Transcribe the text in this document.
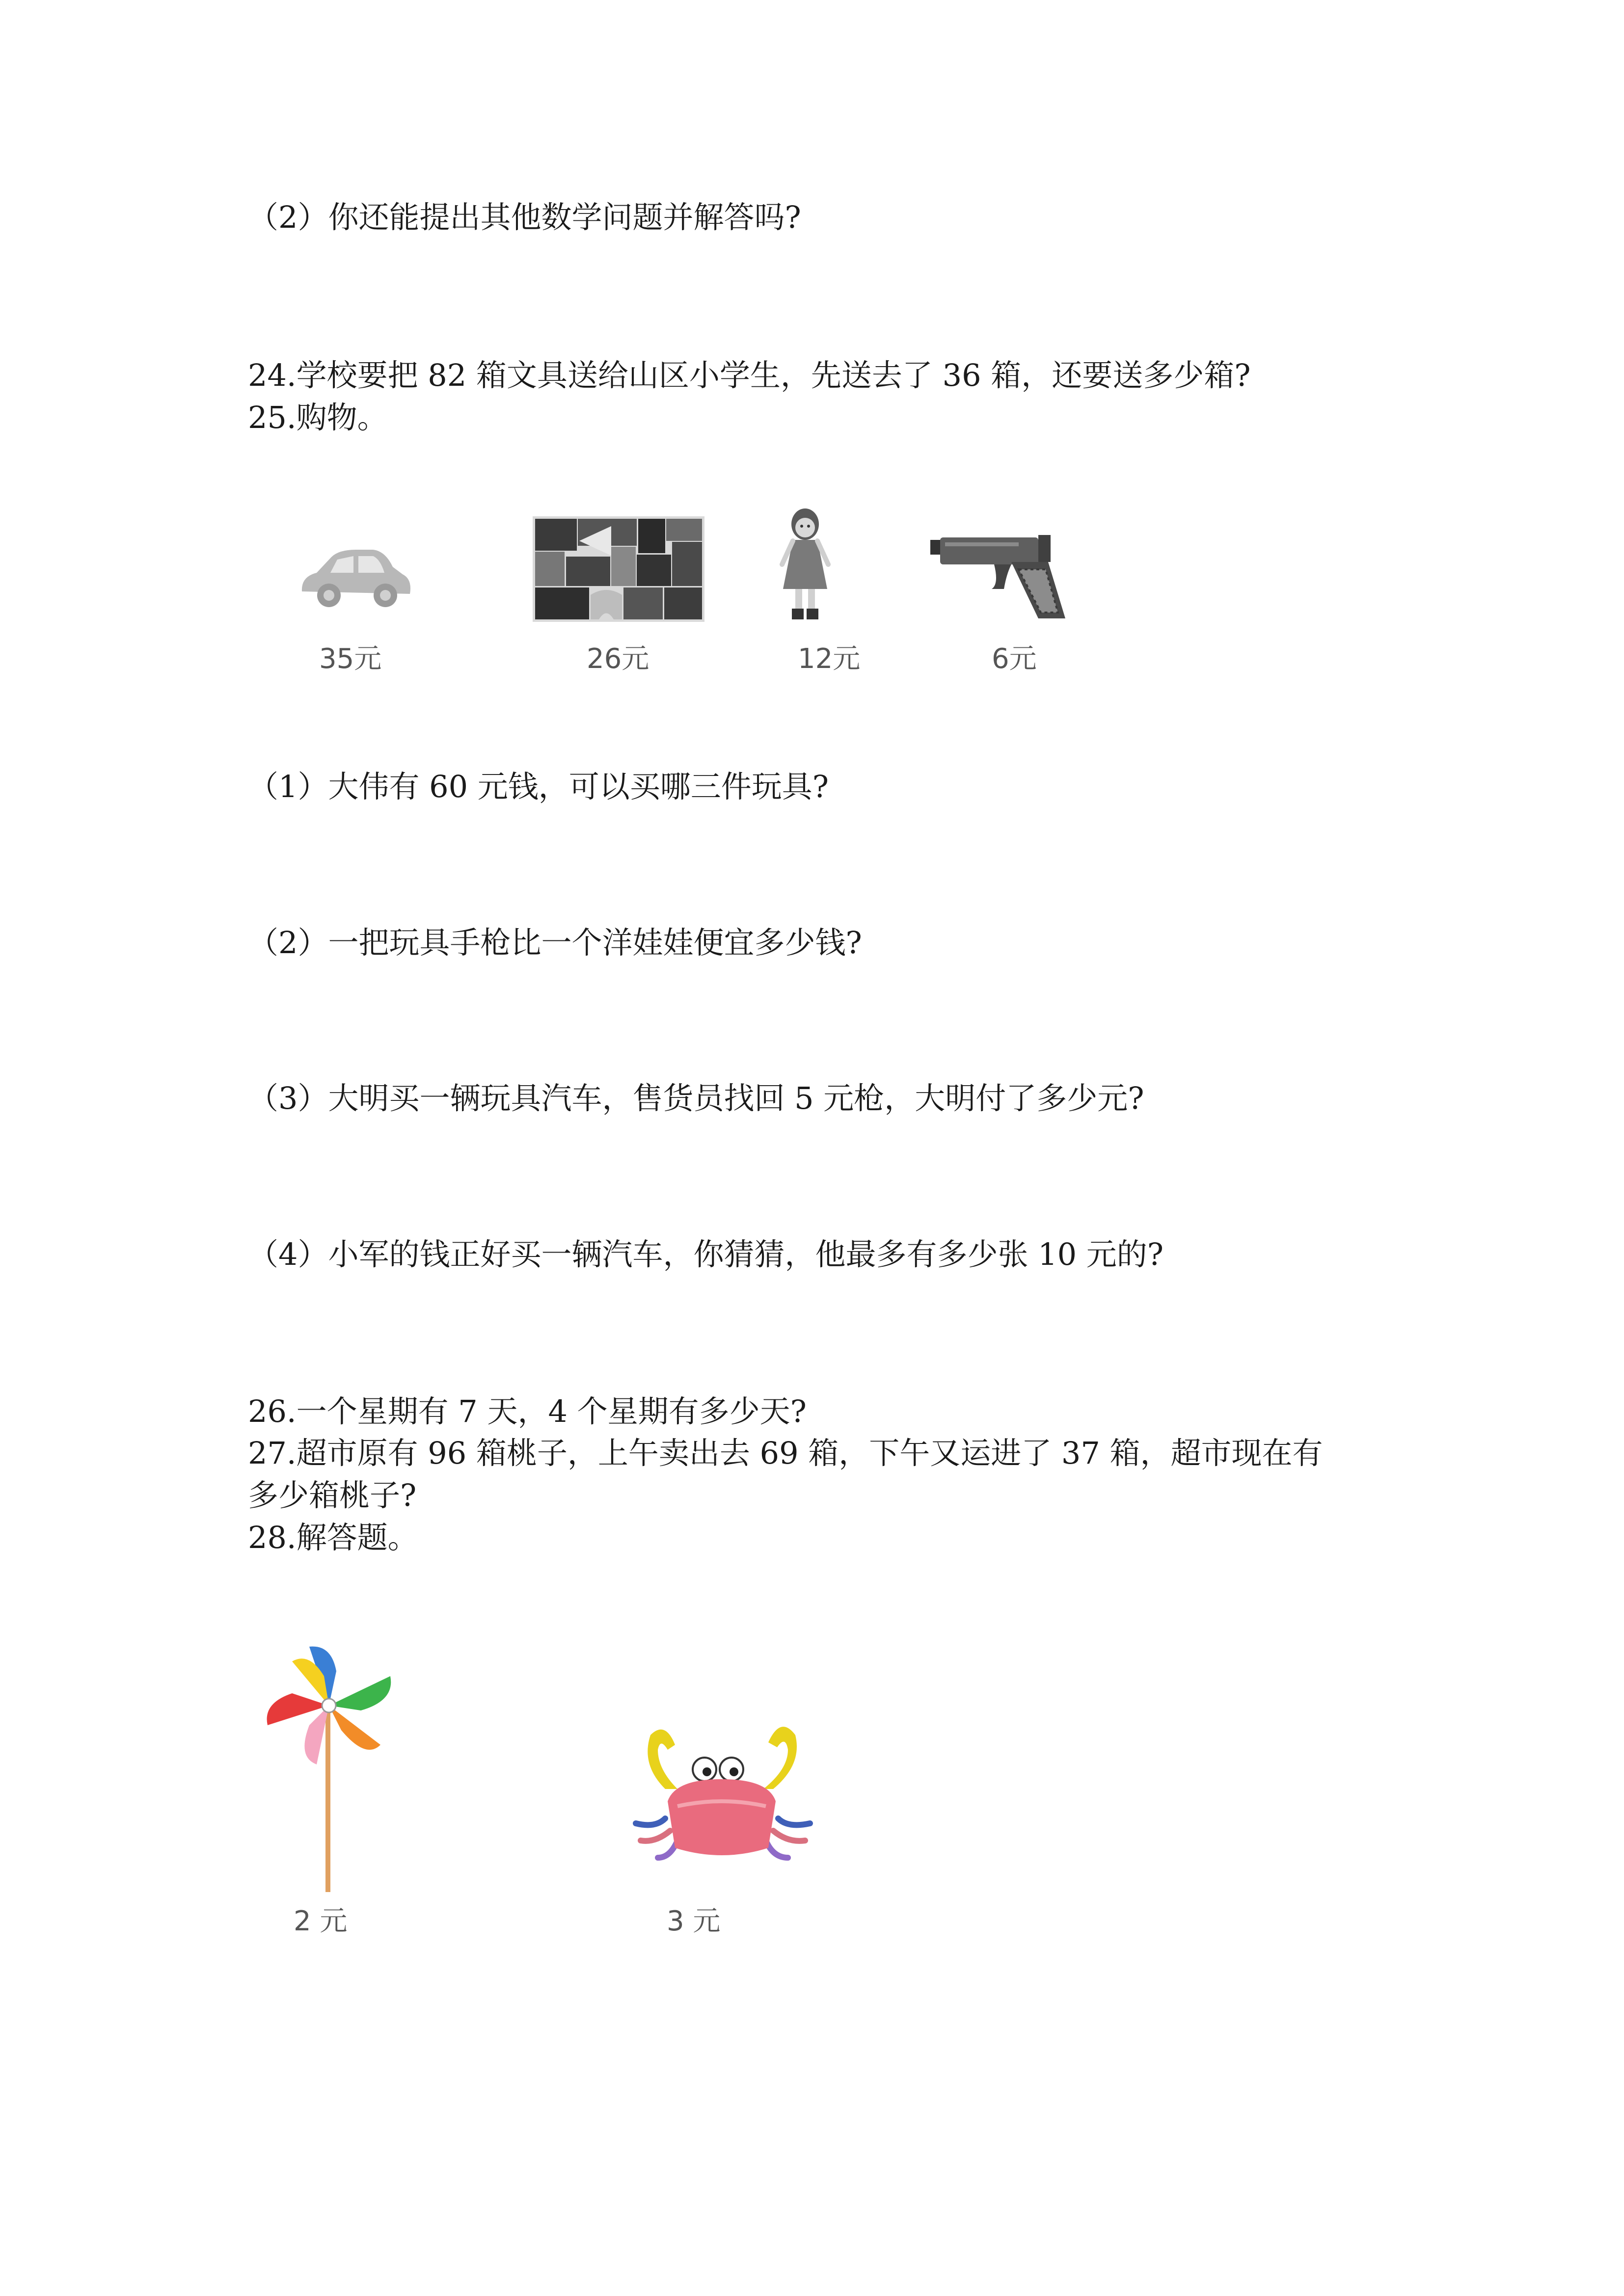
（2）你还能提出其他数学问题并解答吗?
24.学校要把 82 箱文具送给山区小学生，先送去了 36 箱，还要送多少箱?
25.购物。
35元	26元	12元	6元
（1）大伟有 60 元钱，可以买哪三件玩具?
（2）一把玩具手枪比一个洋娃娃便宜多少钱?
（3）大明买一辆玩具汽车，售货员找回 5 元枪，大明付了多少元?
（4）小军的钱正好买一辆汽车，你猜猜，他最多有多少张 10 元的?
26.一个星期有 7 天，4 个星期有多少天?
27.超市原有 96 箱桃子，上午卖出去 69 箱，下午又运进了 37 箱，超市现在有
多少箱桃子?
28.解答题。
2 元	3 元
